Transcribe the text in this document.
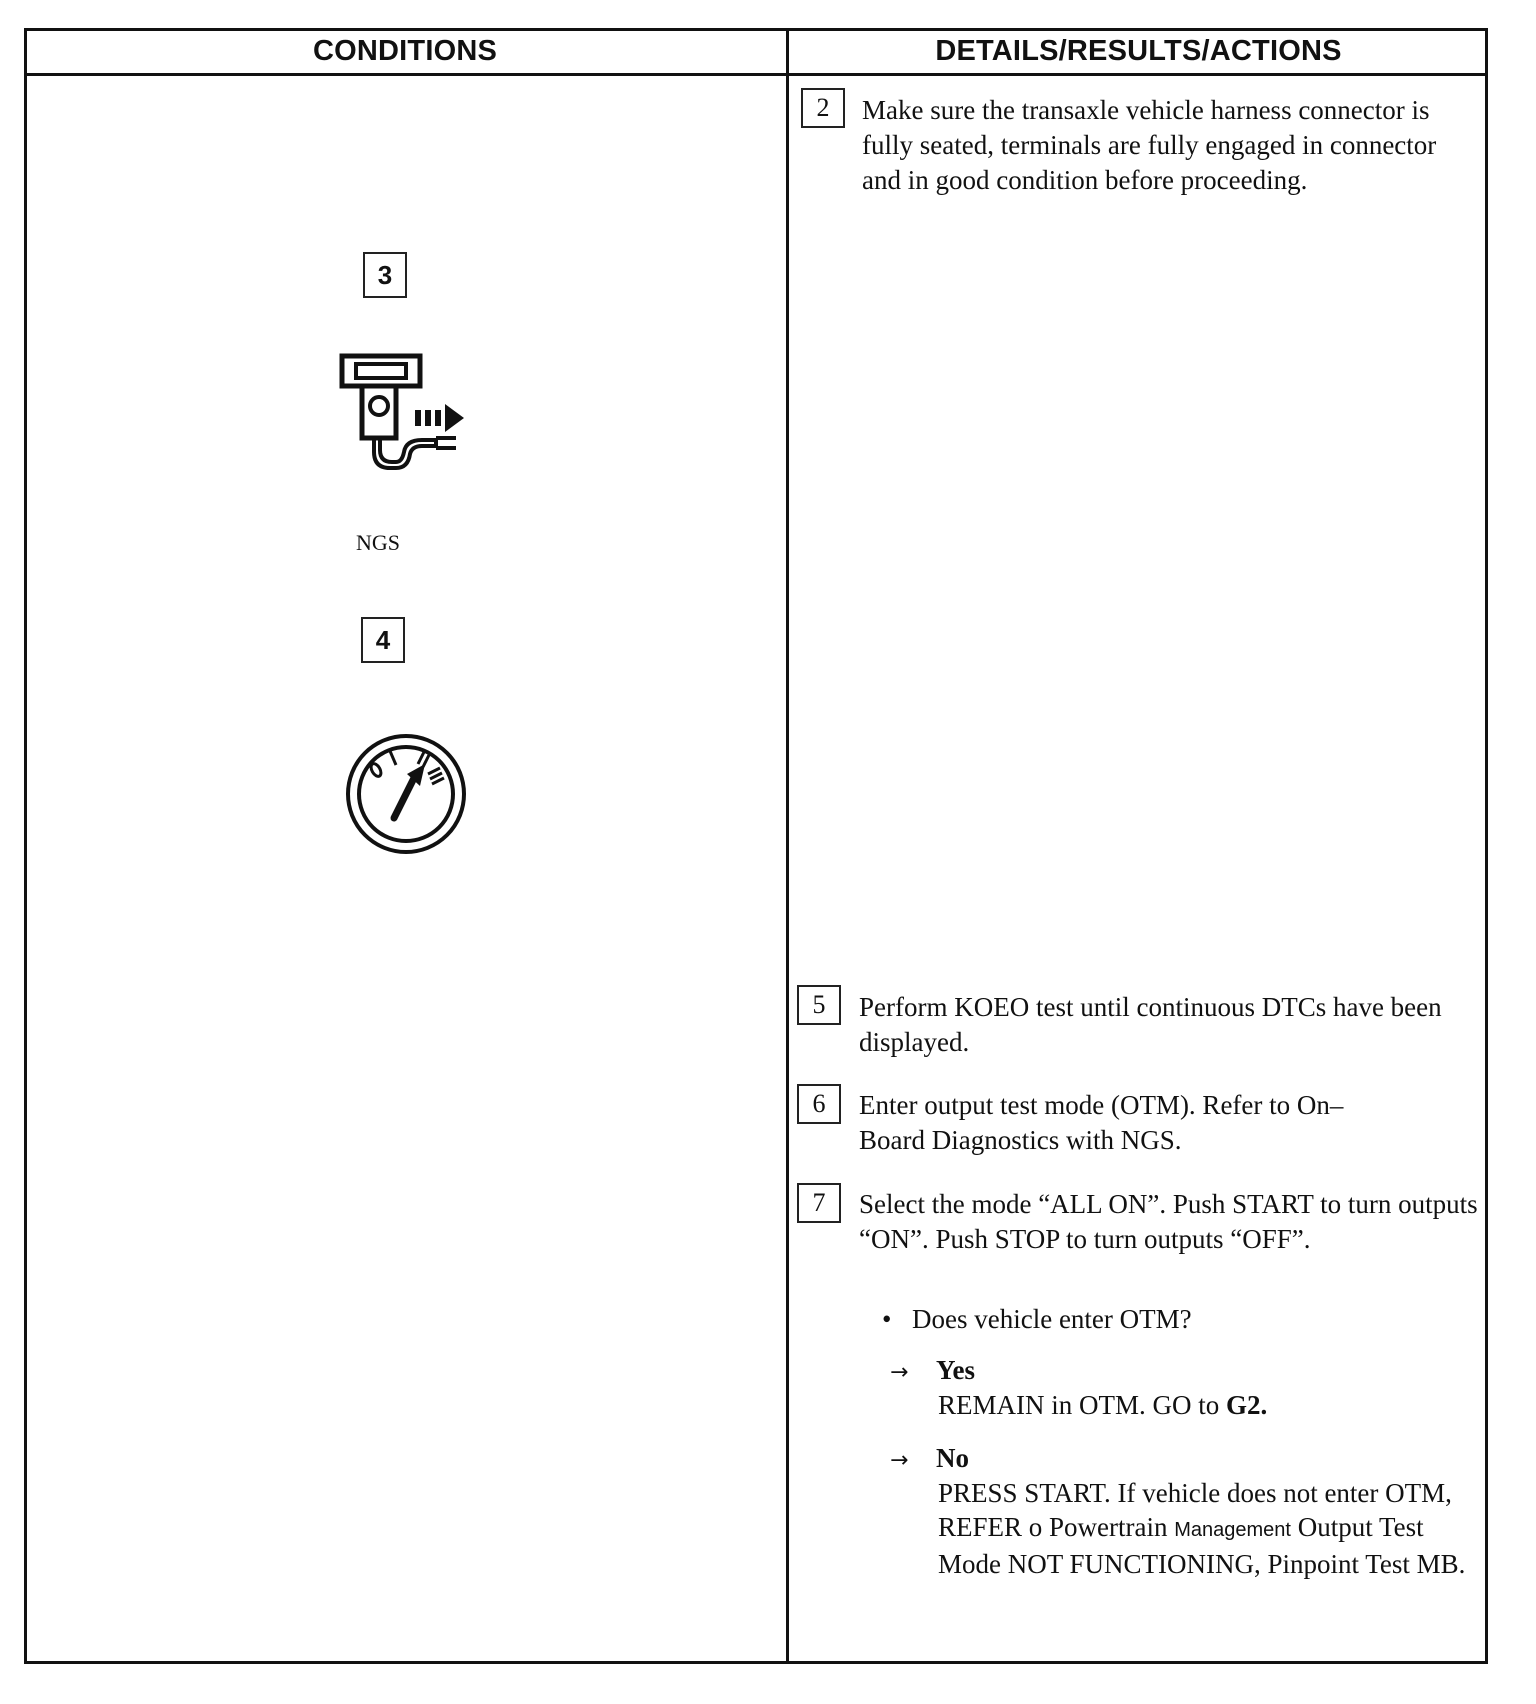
CONDITIONS	DETAILS/RESULTS/ACTIONS
3
NGS
4
2	Make sure the transaxle vehicle harness connector is fully seated, terminals are fully engaged in connector and in good condition before proceeding.
5	Perform KOEO test until continuous DTCs have been displayed.
6	Enter output test mode (OTM). Refer to On–Board Diagnostics with NGS.
7	Select the mode “ALL ON”. Push START to turn outputs “ON”. Push STOP to turn outputs “OFF”.
• Does vehicle enter OTM?
→ Yes
REMAIN in OTM. GO to G2.
→ No
PRESS START. If vehicle does not enter OTM, REFER o Powertrain Management Output Test Mode NOT FUNCTIONING, Pinpoint Test MB.
